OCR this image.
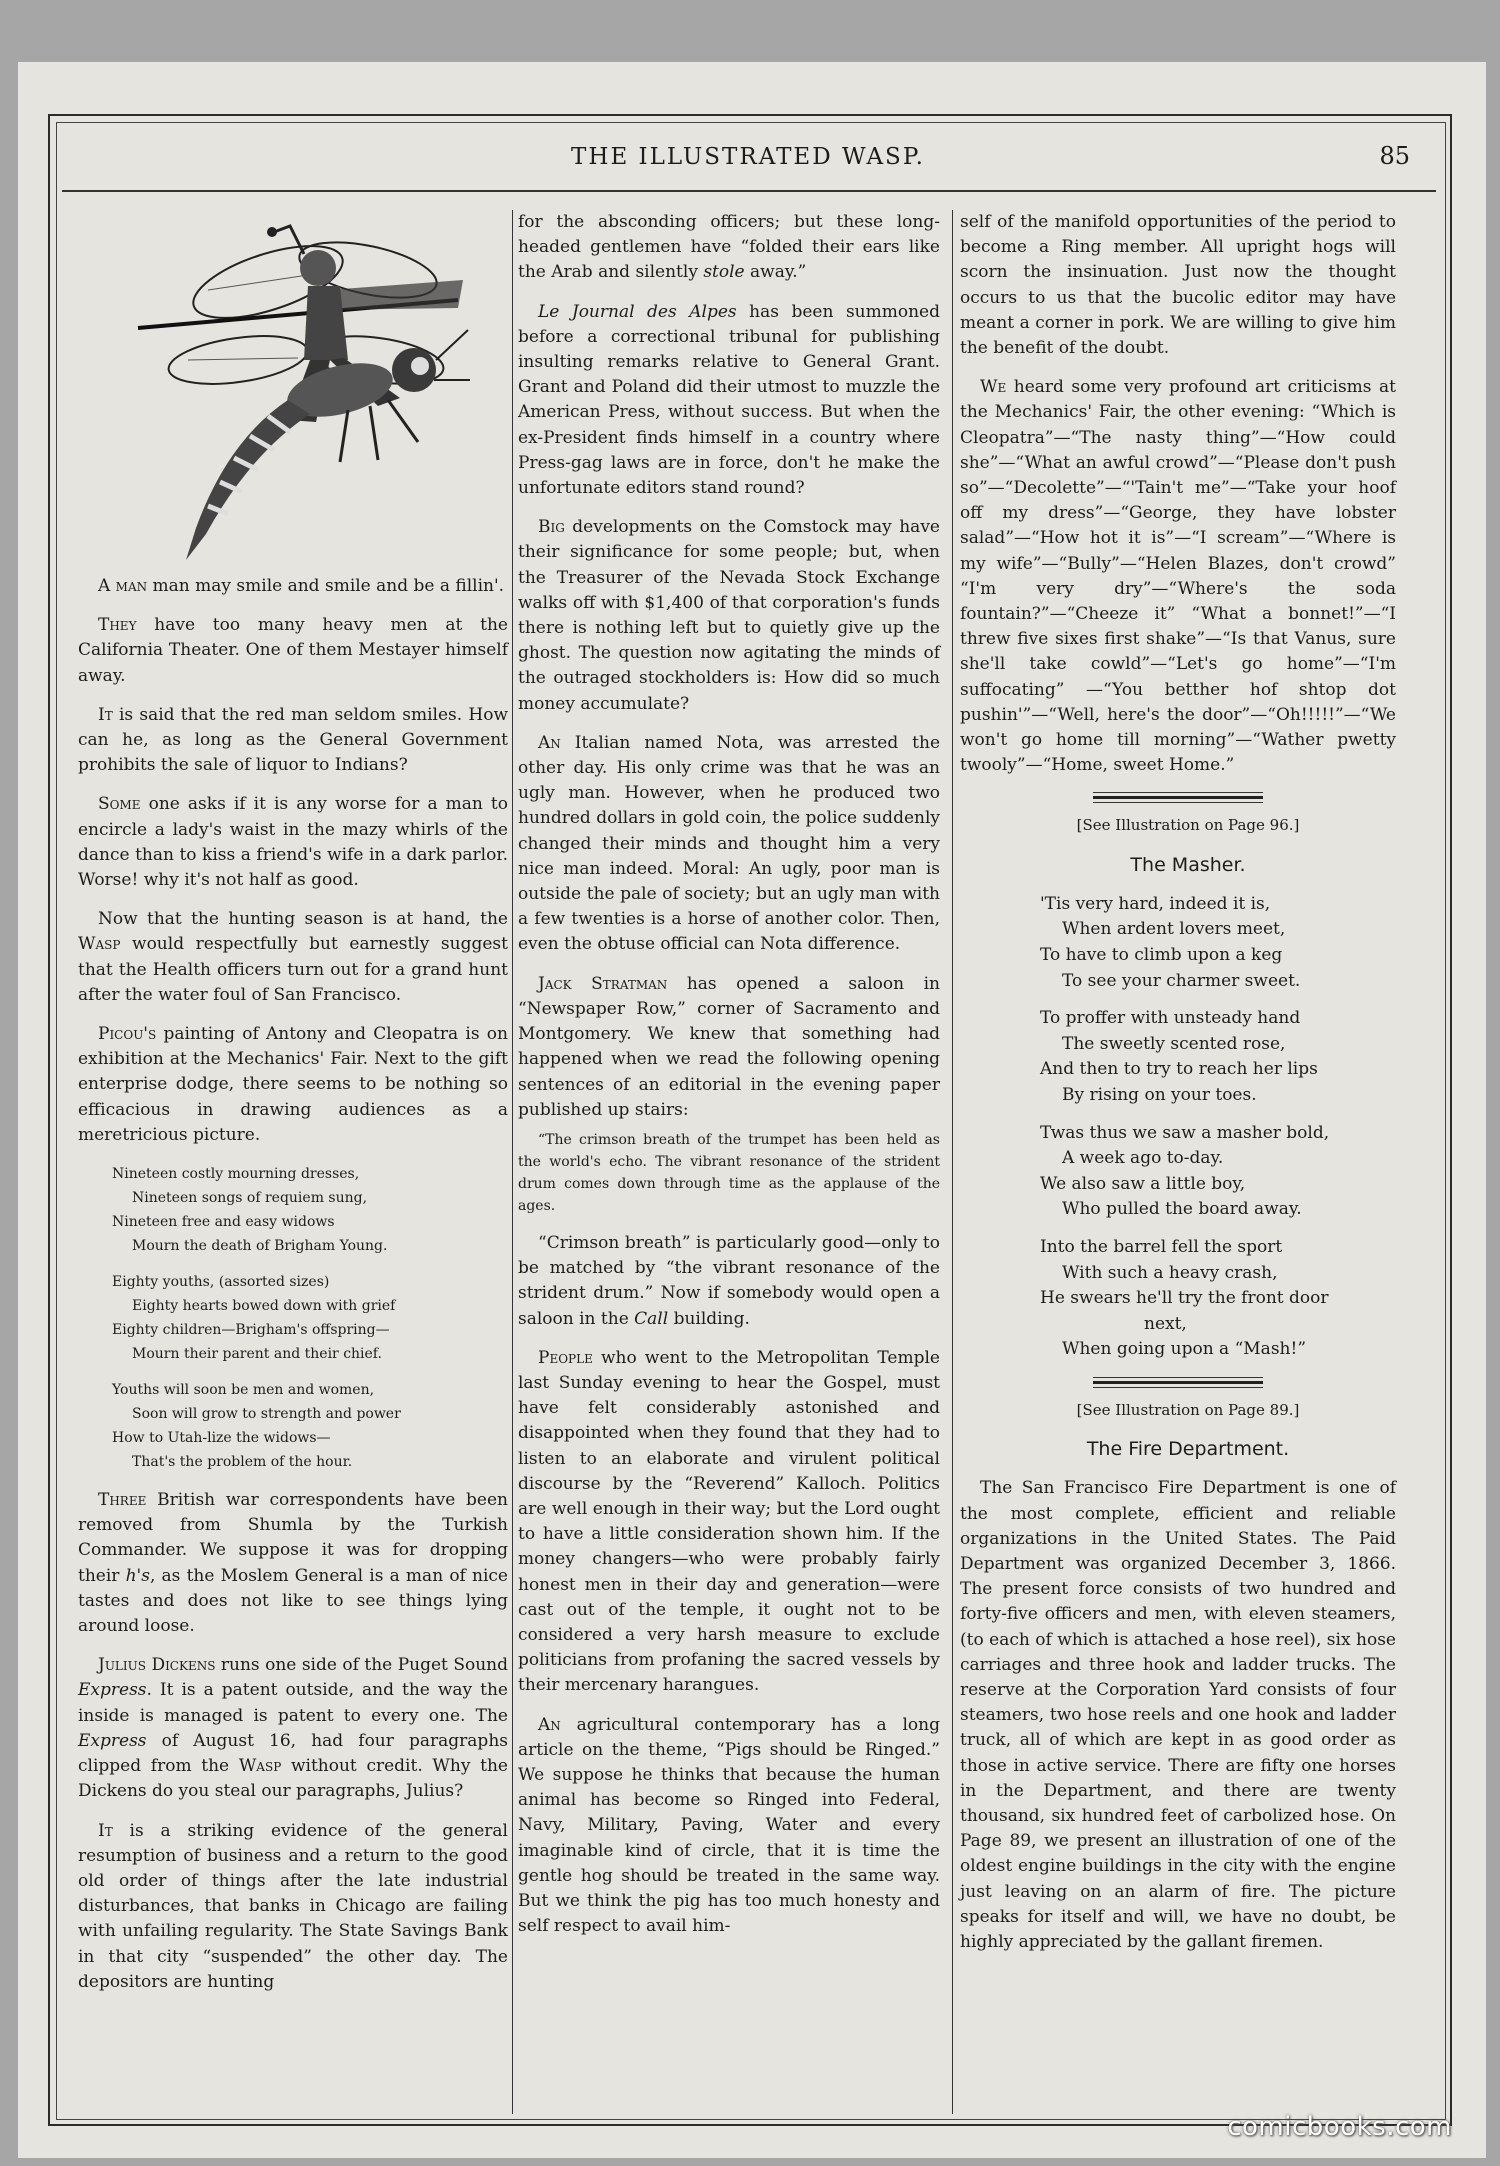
THE ILLUSTRATED WASP.	85

A man man may smile and smile and be a fillin'.

They have too many heavy men at the California Theater. One of them Mestayer himself away.

It is said that the red man seldom smiles. How can he, as long as the General Government prohibits the sale of liquor to Indians?

Some one asks if it is any worse for a man to encircle a lady's waist in the mazy whirls of the dance than to kiss a friend's wife in a dark parlor. Worse! why it's not half as good.

Now that the hunting season is at hand, the Wasp would respectfully but earnestly suggest that the Health officers turn out for a grand hunt after the water foul of San Francisco.

Picou's painting of Antony and Cleopatra is on exhibition at the Mechanics' Fair. Next to the gift enterprise dodge, there seems to be nothing so efficacious in drawing audiences as a meretricious picture.

Nineteen costly mourning dresses,
Nineteen songs of requiem sung,
Nineteen free and easy widows
Mourn the death of Brigham Young.
Eighty youths, (assorted sizes)
Eighty hearts bowed down with grief
Eighty children—Brigham's offspring—
Mourn their parent and their chief.
Youths will soon be men and women,
Soon will grow to strength and power
How to Utah-lize the widows—
That's the problem of the hour.

Three British war correspondents have been removed from Shumla by the Turkish Commander. We suppose it was for dropping their h's, as the Moslem General is a man of nice tastes and does not like to see things lying around loose.

Julius Dickens runs one side of the Puget Sound Express. It is a patent outside, and the way the inside is managed is patent to every one. The Express of August 16, had four paragraphs clipped from the Wasp without credit. Why the Dickens do you steal our paragraphs, Julius?

It is a striking evidence of the general resumption of business and a return to the good old order of things after the late industrial disturbances, that banks in Chicago are failing with unfailing regularity. The State Savings Bank in that city “suspended” the other day. The depositors are hunting

for the absconding officers; but these long-headed gentlemen have “folded their ears like the Arab and silently stole away.”

Le Journal des Alpes has been summoned before a correctional tribunal for publishing insulting remarks relative to General Grant. Grant and Poland did their utmost to muzzle the American Press, without success. But when the ex-President finds himself in a country where Press-gag laws are in force, don't he make the unfortunate editors stand round?

Big developments on the Comstock may have their significance for some people; but, when the Treasurer of the Nevada Stock Exchange walks off with $1,400 of that corporation's funds there is nothing left but to quietly give up the ghost. The question now agitating the minds of the outraged stockholders is: How did so much money accumulate?

An Italian named Nota, was arrested the other day. His only crime was that he was an ugly man. However, when he produced two hundred dollars in gold coin, the police suddenly changed their minds and thought him a very nice man indeed. Moral: An ugly, poor man is outside the pale of society; but an ugly man with a few twenties is a horse of another color. Then, even the obtuse official can Nota difference.

Jack Stratman has opened a saloon in “Newspaper Row,” corner of Sacramento and Montgomery. We knew that something had happened when we read the following opening sentences of an editorial in the evening paper published up stairs:

“The crimson breath of the trumpet has been held as the world's echo. The vibrant resonance of the strident drum comes down through time as the applause of the ages.

“Crimson breath” is particularly good—only to be matched by “the vibrant resonance of the strident drum.” Now if somebody would open a saloon in the Call building.

People who went to the Metropolitan Temple last Sunday evening to hear the Gospel, must have felt considerably astonished and disappointed when they found that they had to listen to an elaborate and virulent political discourse by the “Reverend” Kalloch. Politics are well enough in their way; but the Lord ought to have a little consideration shown him. If the money changers—who were probably fairly honest men in their day and generation—were cast out of the temple, it ought not to be considered a very harsh measure to exclude politicians from profaning the sacred vessels by their mercenary harangues.

An agricultural contemporary has a long article on the theme, “Pigs should be Ringed.” We suppose he thinks that because the human animal has become so Ringed into Federal, Navy, Military, Paving, Water and every imaginable kind of circle, that it is time the gentle hog should be treated in the same way. But we think the pig has too much honesty and self respect to avail him-

self of the manifold opportunities of the period to become a Ring member. All upright hogs will scorn the insinuation. Just now the thought occurs to us that the bucolic editor may have meant a corner in pork. We are willing to give him the benefit of the doubt.

We heard some very profound art criticisms at the Mechanics' Fair, the other evening: “Which is Cleopatra”—“The nasty thing”—“How could she”—“What an awful crowd”—“Please don't push so”—“Decolette”—“'Tain't me”—“Take your hoof off my dress”—“George, they have lobster salad”—“How hot it is”—“I scream”—“Where is my wife”—“Bully”—“Helen Blazes, don't crowd” “I'm very dry”—“Where's the soda fountain?”—“Cheeze it” “What a bonnet!”—“I threw five sixes first shake”—“Is that Vanus, sure she'll take cowld”—“Let's go home”—“I'm suffocating” —“You betther hof shtop dot pushin'”—“Well, here's the door”—“Oh!!!!!”—“We won't go home till morning”—“Wather pwetty twooly”—“Home, sweet Home.”

[See Illustration on Page 96.]

The Masher.

'Tis very hard, indeed it is,
When ardent lovers meet,
To have to climb upon a keg
To see your charmer sweet.
To proffer with unsteady hand
The sweetly scented rose,
And then to try to reach her lips
By rising on your toes.
Twas thus we saw a masher bold,
A week ago to-day.
We also saw a little boy,
Who pulled the board away.
Into the barrel fell the sport
With such a heavy crash,
He swears he'll try the front door
next,
When going upon a “Mash!”

[See Illustration on Page 89.]

The Fire Department.

The San Francisco Fire Department is one of the most complete, efficient and reliable organizations in the United States. The Paid Department was organized December 3, 1866. The present force consists of two hundred and forty-five officers and men, with eleven steamers, (to each of which is attached a hose reel), six hose carriages and three hook and ladder trucks. The reserve at the Corporation Yard consists of four steamers, two hose reels and one hook and ladder truck, all of which are kept in as good order as those in active service. There are fifty one horses in the Department, and there are twenty thousand, six hundred feet of carbolized hose. On Page 89, we present an illustration of one of the oldest engine buildings in the city with the engine just leaving on an alarm of fire. The picture speaks for itself and will, we have no doubt, be highly appreciated by the gallant firemen.

comicbooks.com
